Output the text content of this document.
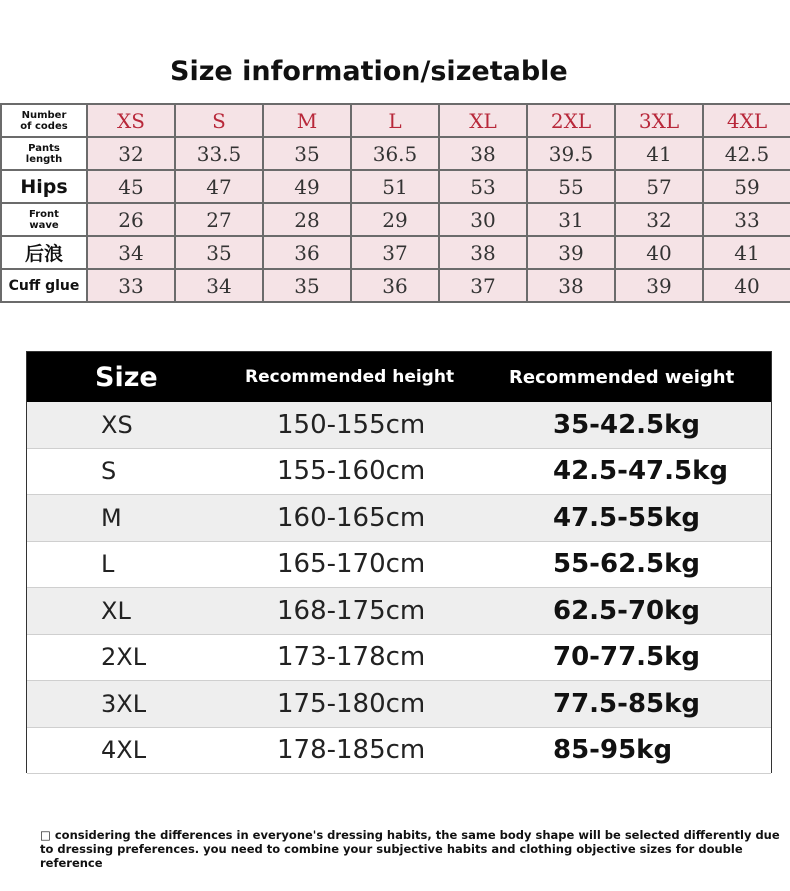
Size information/sizetable
Number
of codes	XS	S	M	L	XL	2XL	3XL	4XL
Pants
length	32	33.5	35	36.5	38	39.5	41	42.5
Hips	45	47	49	51	53	55	57	59
Front
wave	26	27	28	29	30	31	32	33
后浪	34	35	36	37	38	39	40	41
Cuff glue	33	34	35	36	37	38	39	40
Size	Recommended height	Recommended weight
XS	150-155cm	35-42.5kg
S	155-160cm	42.5-47.5kg
M	160-165cm	47.5-55kg
L	165-170cm	55-62.5kg
XL	168-175cm	62.5-70kg
2XL	173-178cm	70-77.5kg
3XL	175-180cm	77.5-85kg
4XL	178-185cm	85-95kg
□ considering the differences in everyone's dressing habits, the same body shape will be selected differently due to dressing preferences. you need to combine your subjective habits and clothing objective sizes for double reference
